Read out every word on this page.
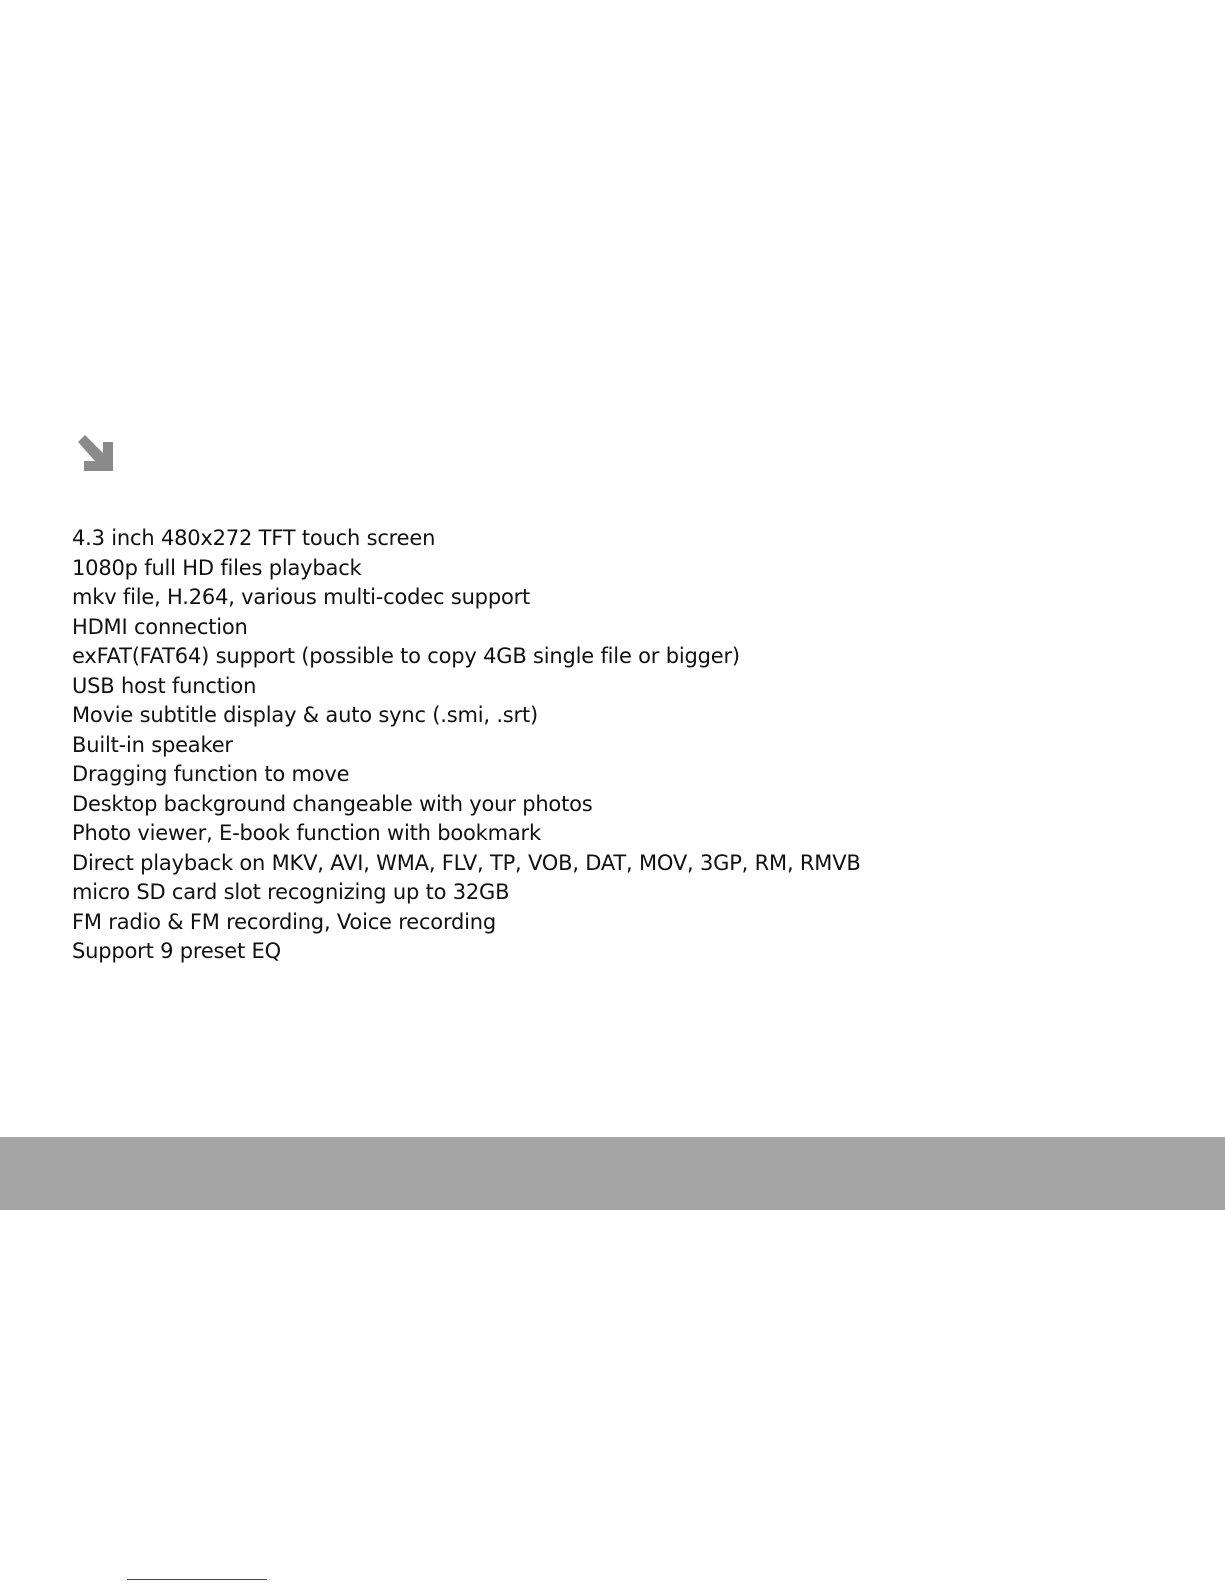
4.3 inch 480x272 TFT touch screen
1080p full HD files playback
mkv file, H.264, various multi-codec support
HDMI connection
exFAT(FAT64) support (possible to copy 4GB single file or bigger)
USB host function
Movie subtitle display & auto sync (.smi, .srt)
Built-in speaker
Dragging function to move
Desktop background changeable with your photos
Photo viewer, E-book function with bookmark
Direct playback on MKV, AVI, WMA, FLV, TP, VOB, DAT, MOV, 3GP, RM, RMVB
micro SD card slot recognizing up to 32GB
FM radio & FM recording, Voice recording
Support 9 preset EQ
